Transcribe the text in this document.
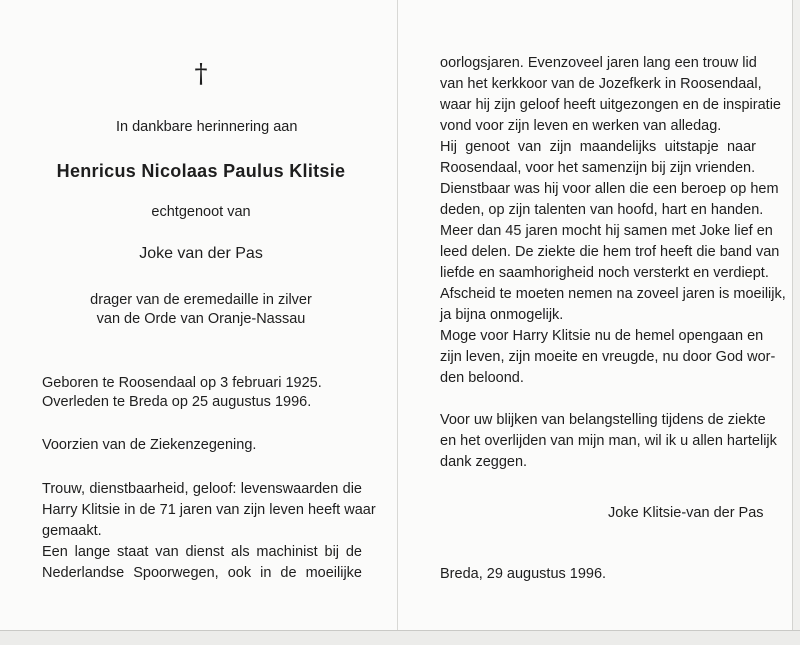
†
In dankbare herinnering aan
Henricus Nicolaas Paulus Klitsie
echtgenoot van
Joke van der Pas
drager van de eremedaille in zilver
van de Orde van Oranje-Nassau
Geboren te Roosendaal op 3 februari 1925.
Overleden te Breda op 25 augustus 1996.
Voorzien van de Ziekenzegening.
Trouw, dienstbaarheid, geloof: levenswaarden die
Harry Klitsie in de 71 jaren van zijn leven heeft waar
gemaakt.
Een lange staat van dienst als machinist bij de
Nederlandse Spoorwegen, ook in de moeilijke
oorlogsjaren. Evenzoveel jaren lang een trouw lid
van het kerkkoor van de Jozefkerk in Roosendaal,
waar hij zijn geloof heeft uitgezongen en de inspiratie
vond voor zijn leven en werken van alledag.
Hij genoot van zijn maandelijks uitstapje naar
Roosendaal, voor het samenzijn bij zijn vrienden.
Dienstbaar was hij voor allen die een beroep op hem
deden, op zijn talenten van hoofd, hart en handen.
Meer dan 45 jaren mocht hij samen met Joke lief en
leed delen. De ziekte die hem trof heeft die band van
liefde en saamhorigheid noch versterkt en verdiept.
Afscheid te moeten nemen na zoveel jaren is moeilijk,
ja bijna onmogelijk.
Moge voor Harry Klitsie nu de hemel opengaan en
zijn leven, zijn moeite en vreugde, nu door God wor-
den beloond.
Voor uw blijken van belangstelling tijdens de ziekte
en het overlijden van mijn man, wil ik u allen hartelijk
dank zeggen.
Joke Klitsie-van der Pas
Breda, 29 augustus 1996.
